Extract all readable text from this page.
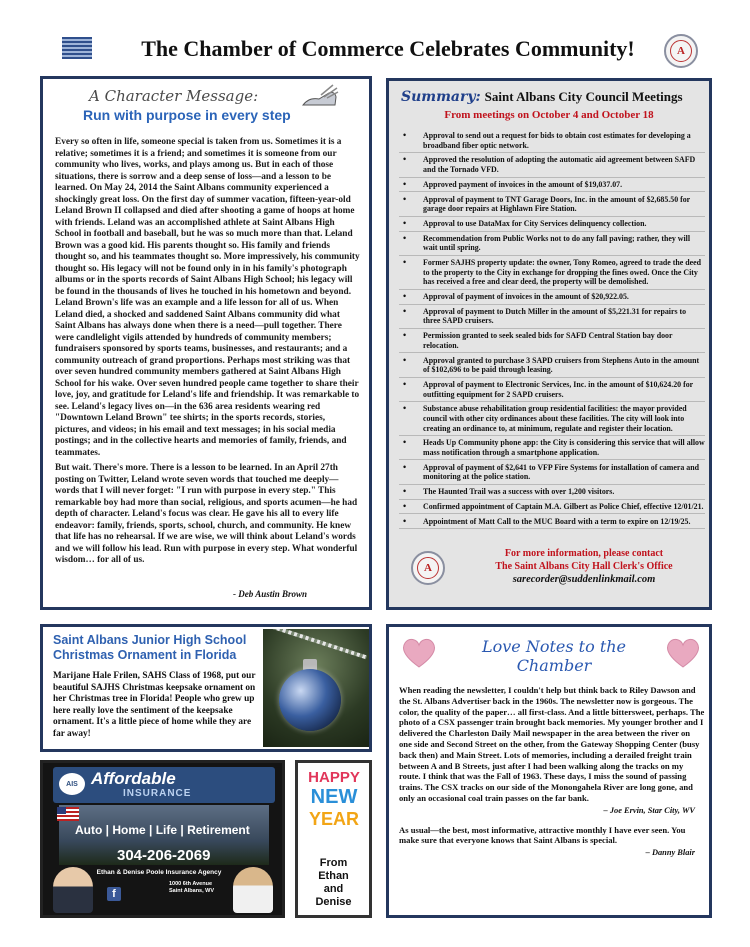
The Chamber of Commerce Celebrates Community!	A
A Character Message:
Run with purpose in every step

Every so often in life, someone special is taken from us. Sometimes it is a relative; sometimes it is a friend; and sometimes it is someone from our community who lives, works, and plays among us. But in each of those situations, there is sorrow and a deep sense of loss—and a lesson to be learned. On May 24, 2014 the Saint Albans community experienced a shockingly great loss. On the first day of summer vacation, fifteen-year-old Leland Brown II collapsed and died after shooting a game of hoops at home with friends. Leland was an accomplished athlete at Saint Albans High School in football and baseball, but he was so much more than that. Leland Brown was a good kid. His parents thought so. His family and friends thought so, and his teammates thought so. More impressively, his community thought so. His legacy will not be found only in in his family's photograph albums or in the sports records of Saint Albans High School; his legacy will be found in the thousands of lives he touched in his hometown and beyond. Leland Brown's life was an example and a life lesson for all of us. When Leland died, a shocked and saddened Saint Albans community did what Saint Albans has always done when there is a need—pull together. There were candlelight vigils attended by hundreds of community members; fundraisers sponsored by sports teams, businesses, and restaurants; and a community outreach of grand proportions. Perhaps most striking was that over seven hundred community members gathered at Saint Albans High School for his wake. Over seven hundred people came together to share their love, joy, and gratitude for Leland's life and friendship. It was remarkable to see. Leland's legacy lives on—in the 636 area residents wearing red "Downtown Leland Brown" tee shirts; in the sports records, stories, pictures, and videos; in his email and text messages; in his social media postings; and in the collective hearts and memories of family, friends, and teammates.

But wait. There's more. There is a lesson to be learned. In an April 27th posting on Twitter, Leland wrote seven words that touched me deeply— words that I will never forget: "I run with purpose in every step." This remarkable boy had more than social, religious, and sports acumen—he had depth of character. Leland's focus was clear. He gave his all to every life endeavor: family, friends, sports, school, church, and community. He knew that life has no rehearsal. If we are wise, we will think about Leland's words and we will follow his lead. Run with purpose in every step. What wonderful wisdom… for all of us.

- Deb Austin Brown
Summary: Saint Albans City Council Meetings
From meetings on October 4 and October 18
• Approval to send out a request for bids to obtain cost estimates for developing a broadband fiber optic network.
• Approved the resolution of adopting the automatic aid agreement between SAFD and the Tornado VFD.
• Approved payment of invoices in the amount of $19,037.07.
• Approval of payment to TNT Garage Doors, Inc. in the amount of $2,685.50 for garage door repairs at Highlawn Fire Station.
• Approval to use DataMax for City Services delinquency collection.
• Recommendation from Public Works not to do any fall paving; rather, they will wait until spring.
• Former SAJHS property update: the owner, Tony Romeo, agreed to trade the deed to the property to the City in exchange for dropping the fines owed. Once the City has received a free and clear deed, the property will be demolished.
• Approval of payment of invoices in the amount of $20,922.05.
• Approval of payment to Dutch Miller in the amount of $5,221.31 for repairs to three SAPD cruisers.
• Permission granted to seek sealed bids for SAFD Central Station bay door relocation.
• Approval granted to purchase 3 SAPD cruisers from Stephens Auto in the amount of $102,696 to be paid through leasing.
• Approval of payment to Electronic Services, Inc. in the amount of $10,624.20 for outfitting equipment for 2 SAPD cruisers.
• Substance abuse rehabilitation group residential facilities: the mayor provided council with other city ordinances about these facilities. The city will look into creating an ordinance to, at minimum, regulate and register their location.
• Heads Up Community phone app: the City is considering this service that will allow mass notification through a smartphone application.
• Approval of payment of $2,641 to VFP Fire Systems for installation of camera and monitoring at the police station.
• The Haunted Trail was a success with over 1,200 visitors.
• Confirmed appointment of Captain M.A. Gilbert as Police Chief, effective 12/01/21.
• Appointment of Matt Call to the MUC Board with a term to expire on 12/19/25.
A
For more information, please contact
The Saint Albans City Hall Clerk's Office
sarecorder@suddenlinkmail.com
Saint Albans Junior High School Christmas Ornament in Florida
Marijane Hale Frilen, SAHS Class of 1968, put our beautiful SAJHS Christmas keepsake ornament on her Christmas tree in Florida! People who grew up here really love the sentiment of the keepsake ornament. It's a little piece of home while they are far away!
Love Notes to the Chamber

When reading the newsletter, I couldn't help but think back to Riley Dawson and the St. Albans Advertiser back in the 1960s. The newsletter now is gorgeous. The color, the quality of the paper… all first-class. And a little bittersweet, perhaps. The photo of a CSX passenger train brought back memories. My younger brother and I delivered the Charleston Daily Mail newspaper in the area between the river on one side and Second Street on the other, from the Gateway Shopping Center (busy back then) and Main Street. Lots of memories, including a derailed freight train between A and B Streets, just after I had been walking along the tracks on my route. I think that was the Fall of 1963. These days, I miss the sound of passing trains. The CSX tracks on our side of the Monongahela River are long gone, and only an occasional coal train passes on the far bank.

– Joe Ervin, Star City, WV

As usual—the best, most informative, attractive monthly I have ever seen. You make sure that everyone knows that Saint Albans is special.

– Danny Blair
AIS Affordable
INSURANCE
Auto | Home | Life | Retirement
304-206-2069
Ethan & Denise Poole Insurance Agency
f
1000 6th Avenue
Saint Albans, WV
HAPPY
NEW
YEAR
From
Ethan
and
Denise
